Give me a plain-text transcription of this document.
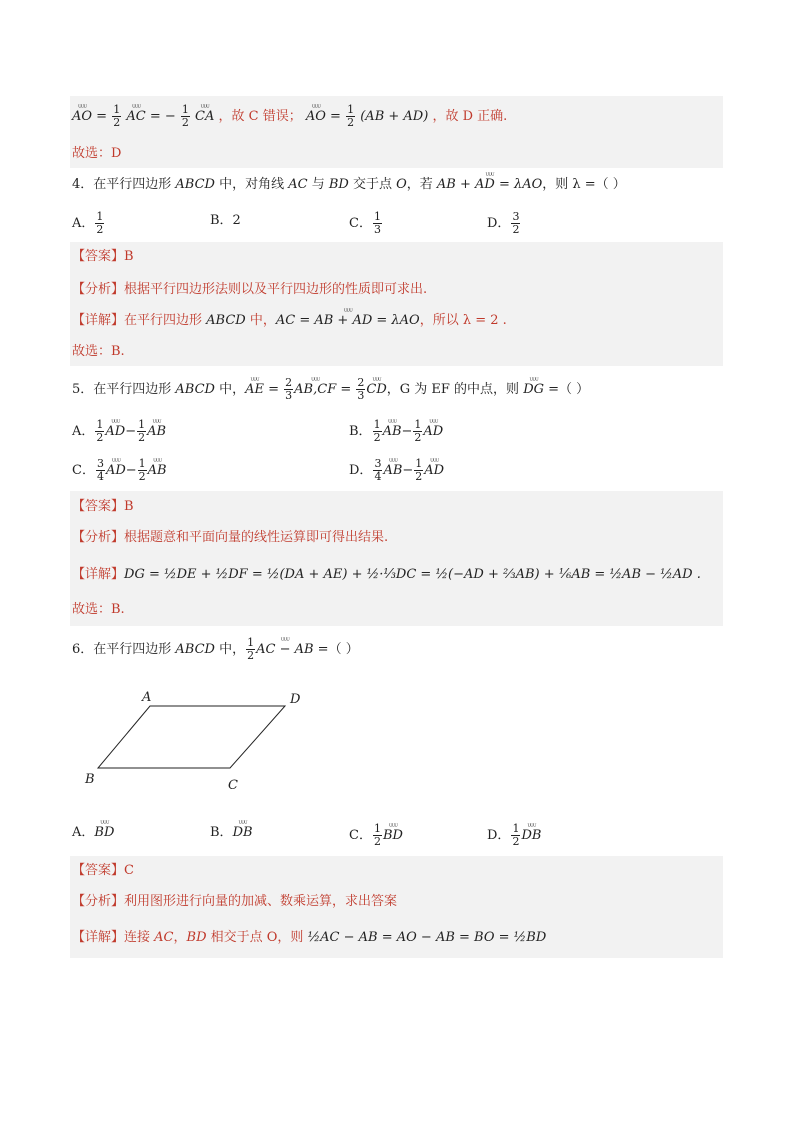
ᵁᵁᵁ AO = $\frac{1}{2}$ ᵁᵁᵁ AC = − $\frac{1}{2}$ ᵁᵁᵁ CA ，故 C 错误； ᵁᵁᵁ AO = $\frac{1}{2} (AB + AD)$ ，故 D 正确.
故选：D
4．在平行四边形 ABCD 中，对角线 AC 与 BD 交于点 O，若 ᵁᵁᵁ AB + AD = λAO，则 λ =（ ）
A． $\frac{1}{2}$	B．2	C． $\frac{1}{3}$	D． $\frac{3}{2}$
【答案】B
【分析】根据平行四边形法则以及平行四边形的性质即可求出.
【详解】在平行四边形 ABCD 中，ᵁᵁᵁ AC = AB + AD = λAO，所以 λ = 2 .
故选：B.
5．在平行四边形 ABCD 中，ᵁᵁᵁ AE = $\frac{2}{3}$ ᵁᵁᵁ $AB,CF = \frac{2}{3}$ ᵁᵁᵁ CD，G 为 EF 的中点，则 ᵁᵁᵁ DG =（ ）
A． $\frac{1}{2}$ ᵁᵁᵁ $AD- \frac{1}{2}$ ᵁᵁᵁ AB	B． $\frac{1}{2}$ ᵁᵁᵁ $AB- \frac{1}{2}$ ᵁᵁᵁ AD
C． $\frac{3}{4}$ ᵁᵁᵁ $AD- \frac{1}{2}$ ᵁᵁᵁ AB	D． $\frac{3}{4}$ ᵁᵁᵁ $AB- \frac{1}{2}$ ᵁᵁᵁ AD
【答案】B
【分析】根据题意和平面向量的线性运算即可得出结果.
【详解】DG = ½DE + ½DF = ½(DA + AE) + ½·⅓DC = ½(−AD + ⅔AB) + ⅙AB = ½AB − ½AD .
故选：B.
6．在平行四边形 ABCD 中， $\frac{1}{2}$ ᵁᵁᵁ AC − AB =（ ）
A	D
B	C
A．ᵁᵁᵁ BD	B．ᵁᵁᵁ DB	C． $\frac{1}{2}$ ᵁᵁᵁ BD	D． $\frac{1}{2}$ ᵁᵁᵁ DB
【答案】C
【分析】利用图形进行向量的加减、数乘运算，求出答案
【详解】连接 AC，BD 相交于点 O，则 ½AC − AB = AO − AB = BO = ½BD
